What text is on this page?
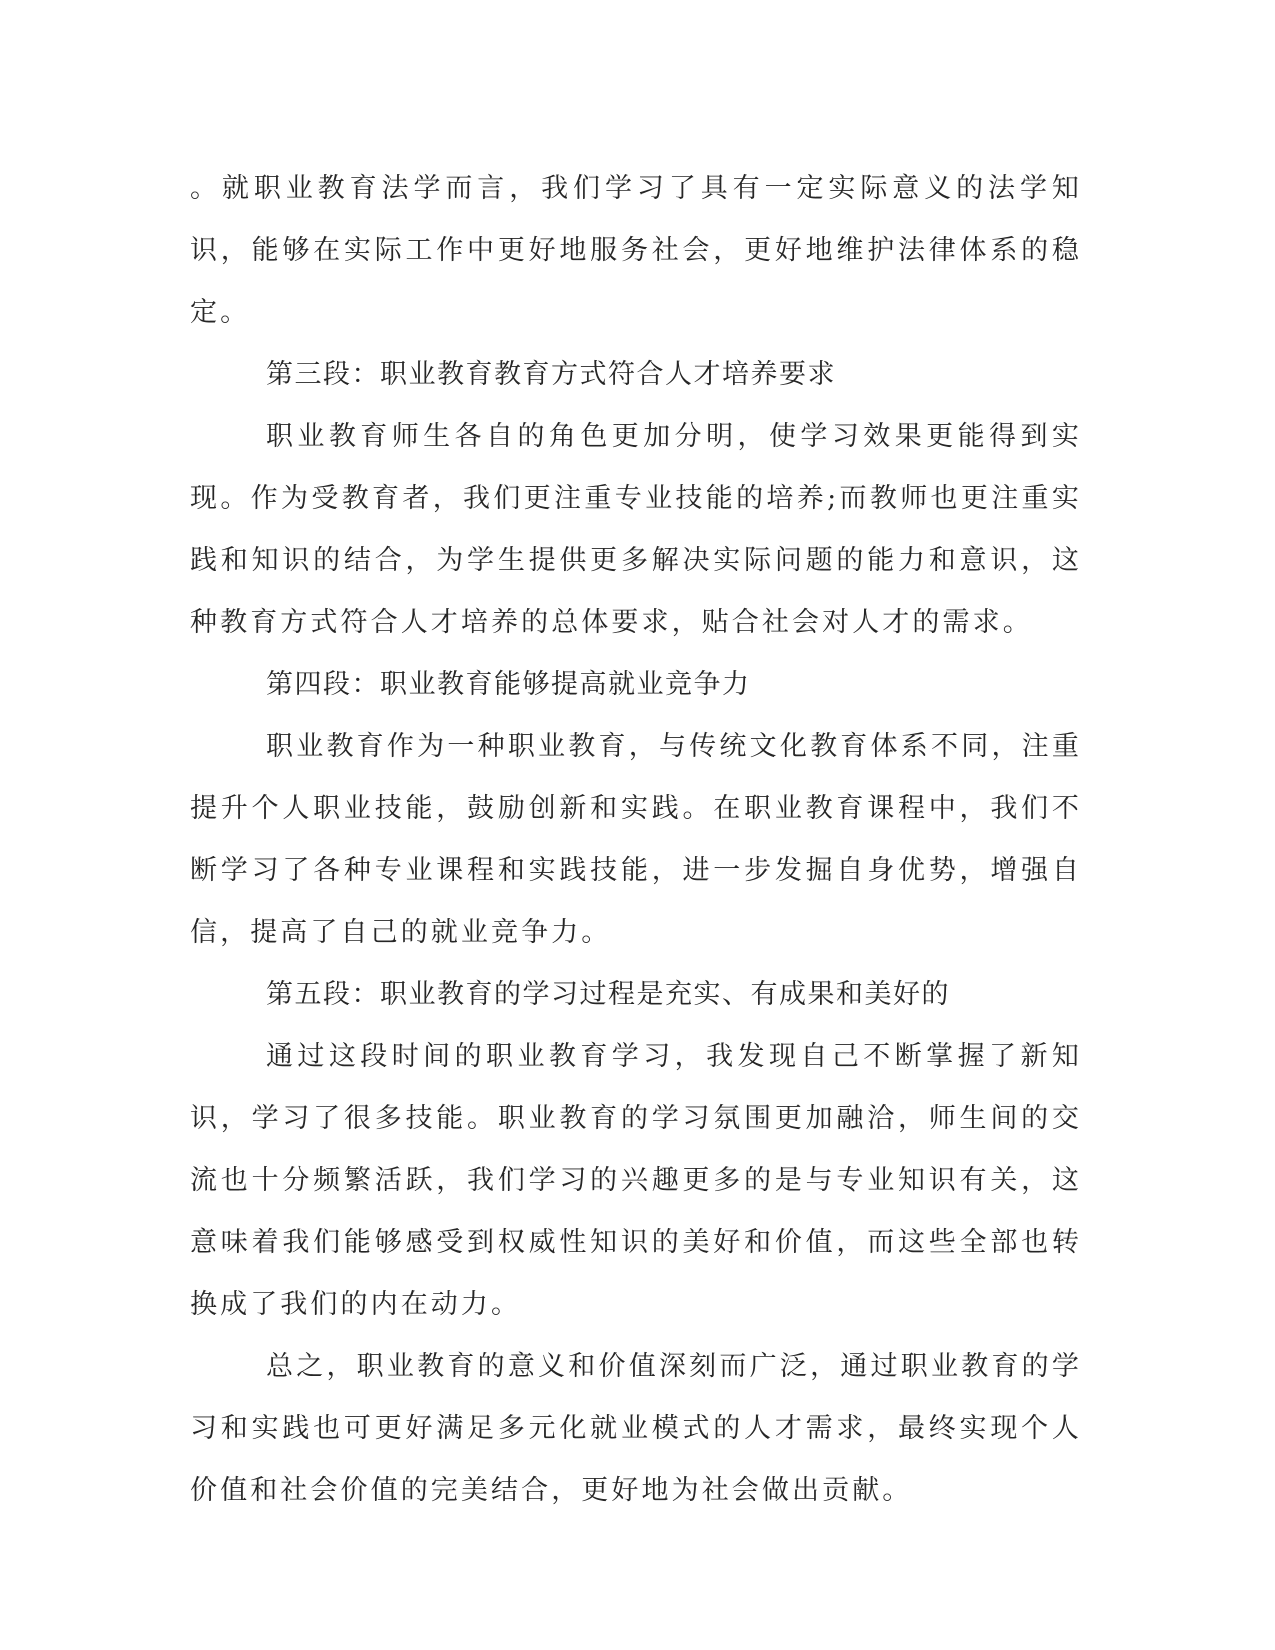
。就职业教育法学而言，我们学习了具有一定实际意义的法学知识，能够在实际工作中更好地服务社会，更好地维护法律体系的稳定。

第三段：职业教育教育方式符合人才培养要求

职业教育师生各自的角色更加分明，使学习效果更能得到实现。作为受教育者，我们更注重专业技能的培养;而教师也更注重实践和知识的结合，为学生提供更多解决实际问题的能力和意识，这种教育方式符合人才培养的总体要求，贴合社会对人才的需求。

第四段：职业教育能够提高就业竞争力

职业教育作为一种职业教育，与传统文化教育体系不同，注重提升个人职业技能，鼓励创新和实践。在职业教育课程中，我们不断学习了各种专业课程和实践技能，进一步发掘自身优势，增强自信，提高了自己的就业竞争力。

第五段：职业教育的学习过程是充实、有成果和美好的

通过这段时间的职业教育学习，我发现自己不断掌握了新知识，学习了很多技能。职业教育的学习氛围更加融洽，师生间的交流也十分频繁活跃，我们学习的兴趣更多的是与专业知识有关，这意味着我们能够感受到权威性知识的美好和价值，而这些全部也转换成了我们的内在动力。

总之，职业教育的意义和价值深刻而广泛，通过职业教育的学习和实践也可更好满足多元化就业模式的人才需求，最终实现个人价值和社会价值的完美结合，更好地为社会做出贡献。
